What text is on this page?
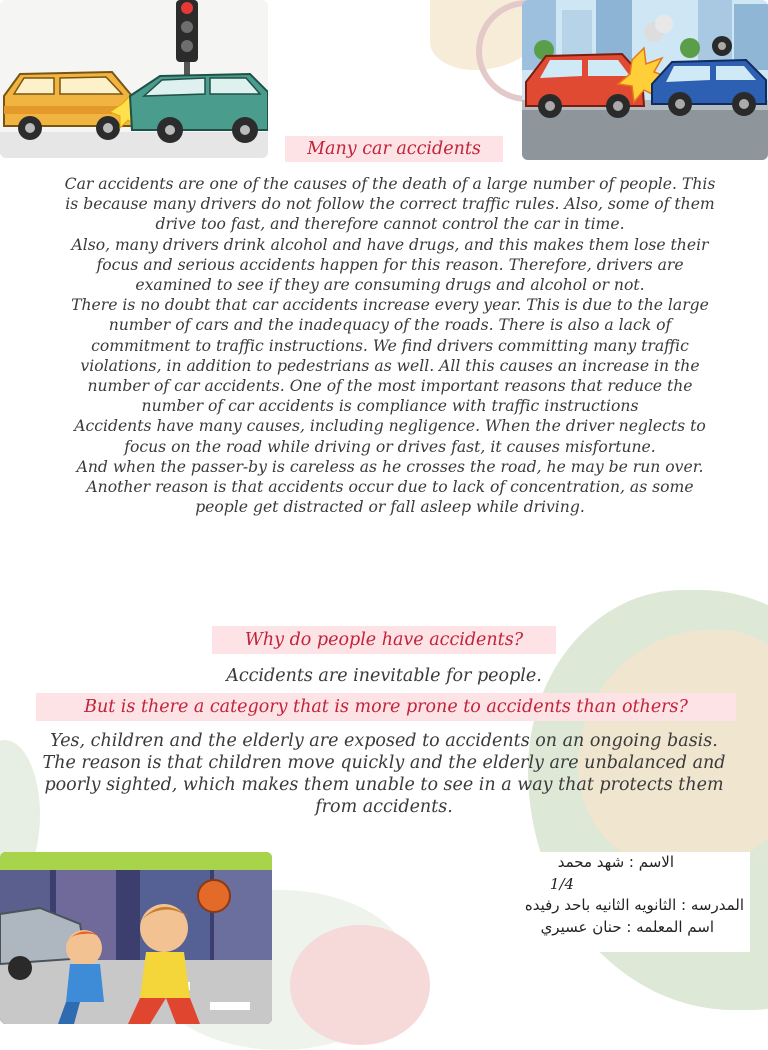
Many car accidents

Car accidents are one of the causes of the death of a large number of people. This is because many drivers do not follow the correct traffic rules. Also, some of them drive too fast, and therefore cannot control the car in time.

Also, many drivers drink alcohol and have drugs, and this makes them lose their focus and serious accidents happen for this reason. Therefore, drivers are examined to see if they are consuming drugs and alcohol or not.

There is no doubt that car accidents increase every year. This is due to the large number of cars and the inadequacy of the roads. There is also a lack of commitment to traffic instructions. We find drivers committing many traffic violations, in addition to pedestrians as well. All this causes an increase in the number of car accidents. One of the most important reasons that reduce the number of car accidents is compliance with traffic instructions

Accidents have many causes, including negligence. When the driver neglects to focus on the road while driving or drives fast, it causes misfortune.

And when the passer-by is careless as he crosses the road, he may be run over. Another reason is that accidents occur due to lack of concentration, as some people get distracted or fall asleep while driving.

Why do people have accidents?
Accidents are inevitable for people.
But is there a category that is more prone to accidents than others?

Yes, children and the elderly are exposed to accidents on an ongoing basis.

The reason is that children move quickly and the elderly are unbalanced and poorly sighted, which makes them unable to see in a way that protects them from accidents.

الاسم : شهد محمد
1/4
المدرسه : الثانويه الثانيه باحد رفيده
اسم المعلمه : حنان عسيري
